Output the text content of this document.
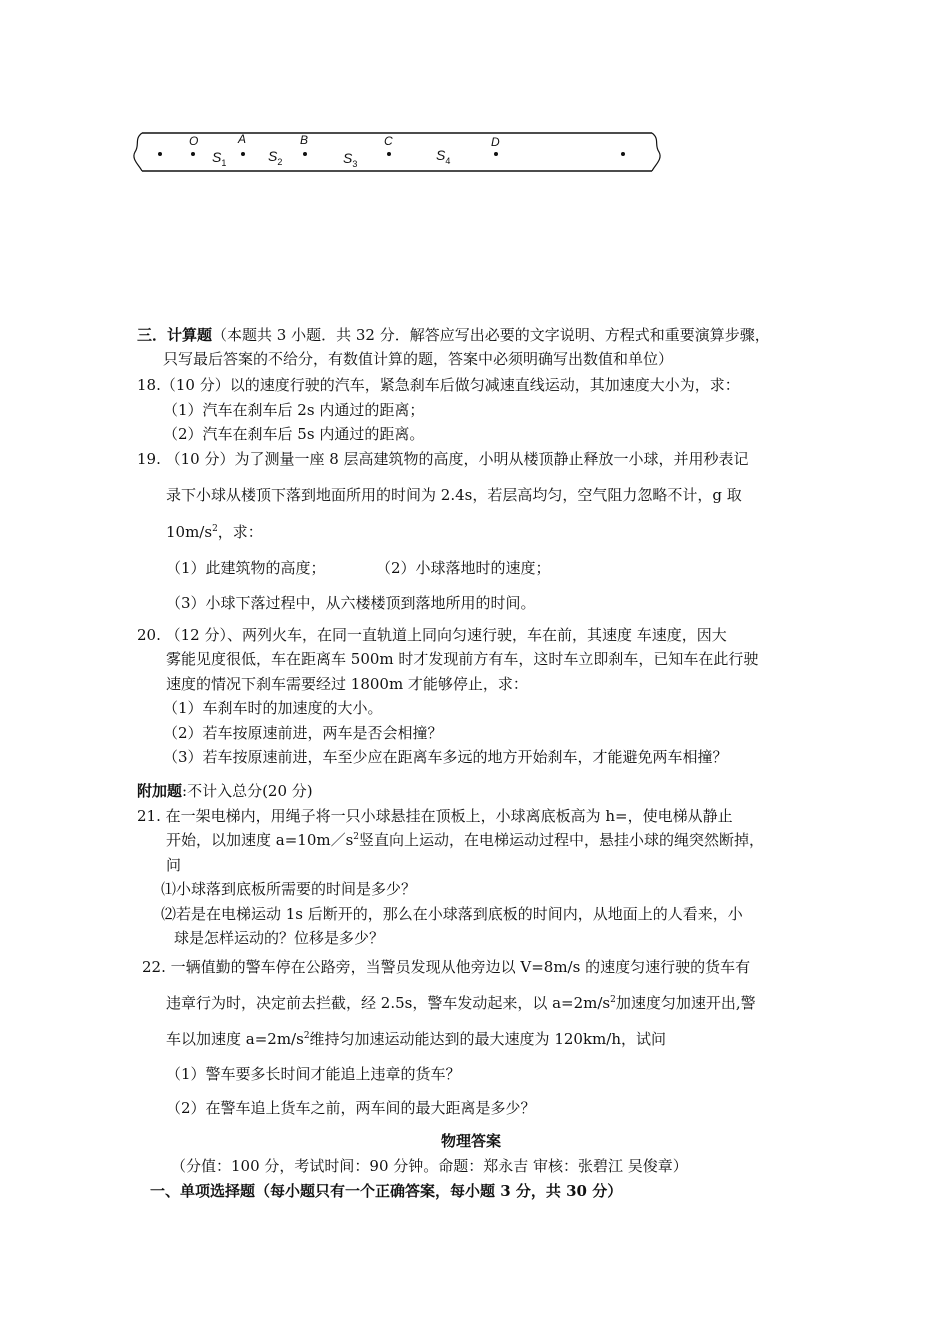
O	A	B	C	D
$S_1$	$S_2$	$S_3$
$S_4$
三．计算题（本题共 3 小题．共 32 分．解答应写出必要的文字说明、方程式和重要演算步骤，
只写最后答案的不给分，有数值计算的题，答案中必须明确写出数值和单位）
18.（10 分）以的速度行驶的汽车，紧急刹车后做匀减速直线运动，其加速度大小为，求：
（1）汽车在刹车后 2s 内通过的距离；
（2）汽车在刹车后 5s 内通过的距离。
19. （10 分）为了测量一座 8 层高建筑物的高度，小明从楼顶静止释放一小球，并用秒表记
录下小球从楼顶下落到地面所用的时间为 2.4s，若层高均匀，空气阻力忽略不计，g 取
$10m/s^2$，求：
（1）此建筑物的高度；	（2）小球落地时的速度；
（3）小球下落过程中，从六楼楼顶到落地所用的时间。
20. （12 分）、两列火车，在同一直轨道上同向匀速行驶，车在前，其速度 车速度，因大
雾能见度很低，车在距离车 500m 时才发现前方有车，这时车立即刹车，已知车在此行驶
速度的情况下刹车需要经过 1800m 才能够停止，求：
（1）车刹车时的加速度的大小。
（2）若车按原速前进，两车是否会相撞？
（3）若车按原速前进，车至少应在距离车多远的地方开始刹车，才能避免两车相撞？
附加题:不计入总分(20 分)
21. 在一架电梯内，用绳子将一只小球悬挂在顶板上，小球离底板高为 h=，使电梯从静止
开始，以加速度 $a=10m/s^2$竖直向上运动，在电梯运动过程中，悬挂小球的绳突然断掉，
问
⑴小球落到底板所需要的时间是多少？
⑵若是在电梯运动 1s 后断开的，那么在小球落到底板的时间内，从地面上的人看来，小
球是怎样运动的？位移是多少？
22. 一辆值勤的警车停在公路旁，当警员发现从他旁边以 V=8m/s 的速度匀速行驶的货车有
违章行为时，决定前去拦截，经 2.5s，警车发动起来，以 $a=2m/s^2$加速度匀加速开出,警
车以加速度 $a=2m/s^2$维持匀加速运动能达到的最大速度为 120km/h，试问
（1）警车要多长时间才能追上违章的货车？
（2）在警车追上货车之前，两车间的最大距离是多少？
物理答案
（分值：100 分，考试时间：90 分钟。命题：郑永吉 审核：张碧江 吴俊章）
一、单项选择题（每小题只有一个正确答案，每小题 3 分，共 30 分）
